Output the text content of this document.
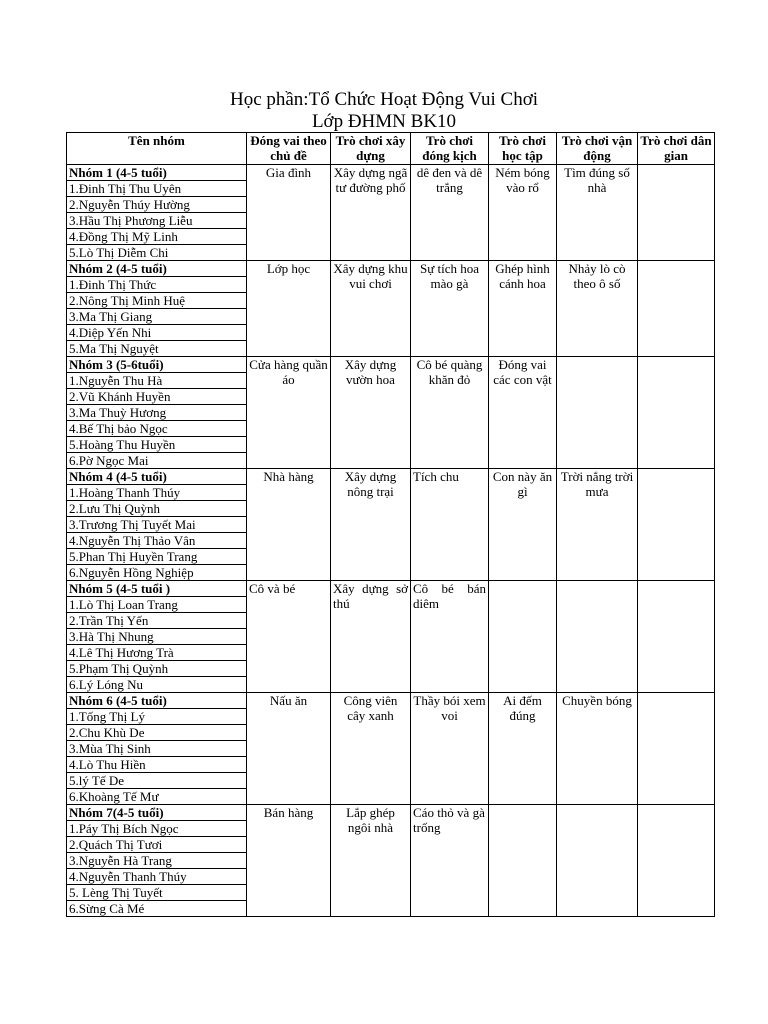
Học phần:Tổ Chức Hoạt Động Vui Chơi
Lớp ĐHMN BK10
Tên nhóm	Đóng vai theo chủ đề	Trò chơi xây dựng	Trò chơi đóng kịch	Trò chơi học tập	Trò chơi vận động	Trò chơi dân gian
Nhóm 1 (4-5 tuổi)	Gia đình	Xây dựng ngã tư đường phố	dê đen và dê trắng	Ném bóng vào rổ	Tìm đúng số nhà	
1.Đinh Thị Thu Uyên						
2.Nguyễn Thúy Hường						
3.Hầu Thị Phương Liễu						
4.Đồng Thị Mỹ Linh						
5.Lò Thị Diễm Chi						
Nhóm 2 (4-5 tuổi)	Lớp học	Xây dựng khu vui chơi	Sự tích hoa mào gà	Ghép hình cánh hoa	Nhảy lò cò theo ô số	
1.Đinh Thị Thức						
2.Nông Thị Minh Huệ						
3.Ma Thị Giang						
4.Diệp Yến Nhi						
5.Ma Thị Nguyệt						
Nhóm 3 (5-6tuổi)	Cửa hàng quần áo	Xây dựng vườn hoa	Cô bé quàng khăn đỏ	Đóng vai các con vật		
1.Nguyễn Thu Hà						
2.Vũ Khánh Huyền						
3.Ma Thuỳ Hương						
4.Bế Thị bảo Ngọc						
5.Hoàng Thu Huyền						
6.Pờ Ngọc Mai						
Nhóm 4 (4-5 tuổi)	Nhà hàng	Xây dựng nông trại	Tích chu	Con này ăn gì	Trời nắng trời mưa	
1.Hoàng Thanh Thúy						
2.Lưu Thị Quỳnh						
3.Trương Thị Tuyết Mai						
4.Nguyễn Thị Thảo Vân						
5.Phan Thị Huyền Trang						
6.Nguyễn Hồng Nghiệp						
Nhóm 5 (4-5 tuổi )	Cô và bé	Xây dựng sở thú	Cô bé bán diêm			
1.Lò Thị Loan Trang						
2.Trần Thị Yến						
3.Hà Thị Nhung						
4.Lê Thị Hương Trà						
5.Phạm Thị Quỳnh						
6.Lý Lóng Nu						
Nhóm 6 (4-5 tuổi)	Nấu ăn	Công viên cây xanh	Thầy bói xem voi	Ai đếm đúng	Chuyền bóng	
1.Tống Thị Lý						
2.Chu Khù De						
3.Mùa Thị Sinh						
4.Lò Thu Hiền						
5.lý Tế De						
6.Khoàng Tế Mư						
Nhóm 7(4-5 tuổi)	Bán hàng	Lắp ghép ngôi nhà	Cáo thỏ và gà trống			
1.Páy Thị Bích Ngọc						
2.Quách Thị Tươi						
3.Nguyễn Hà Trang						
4.Nguyễn Thanh Thúy						
5. Lèng Thị Tuyết						
6.Sừng Cà Mé						
